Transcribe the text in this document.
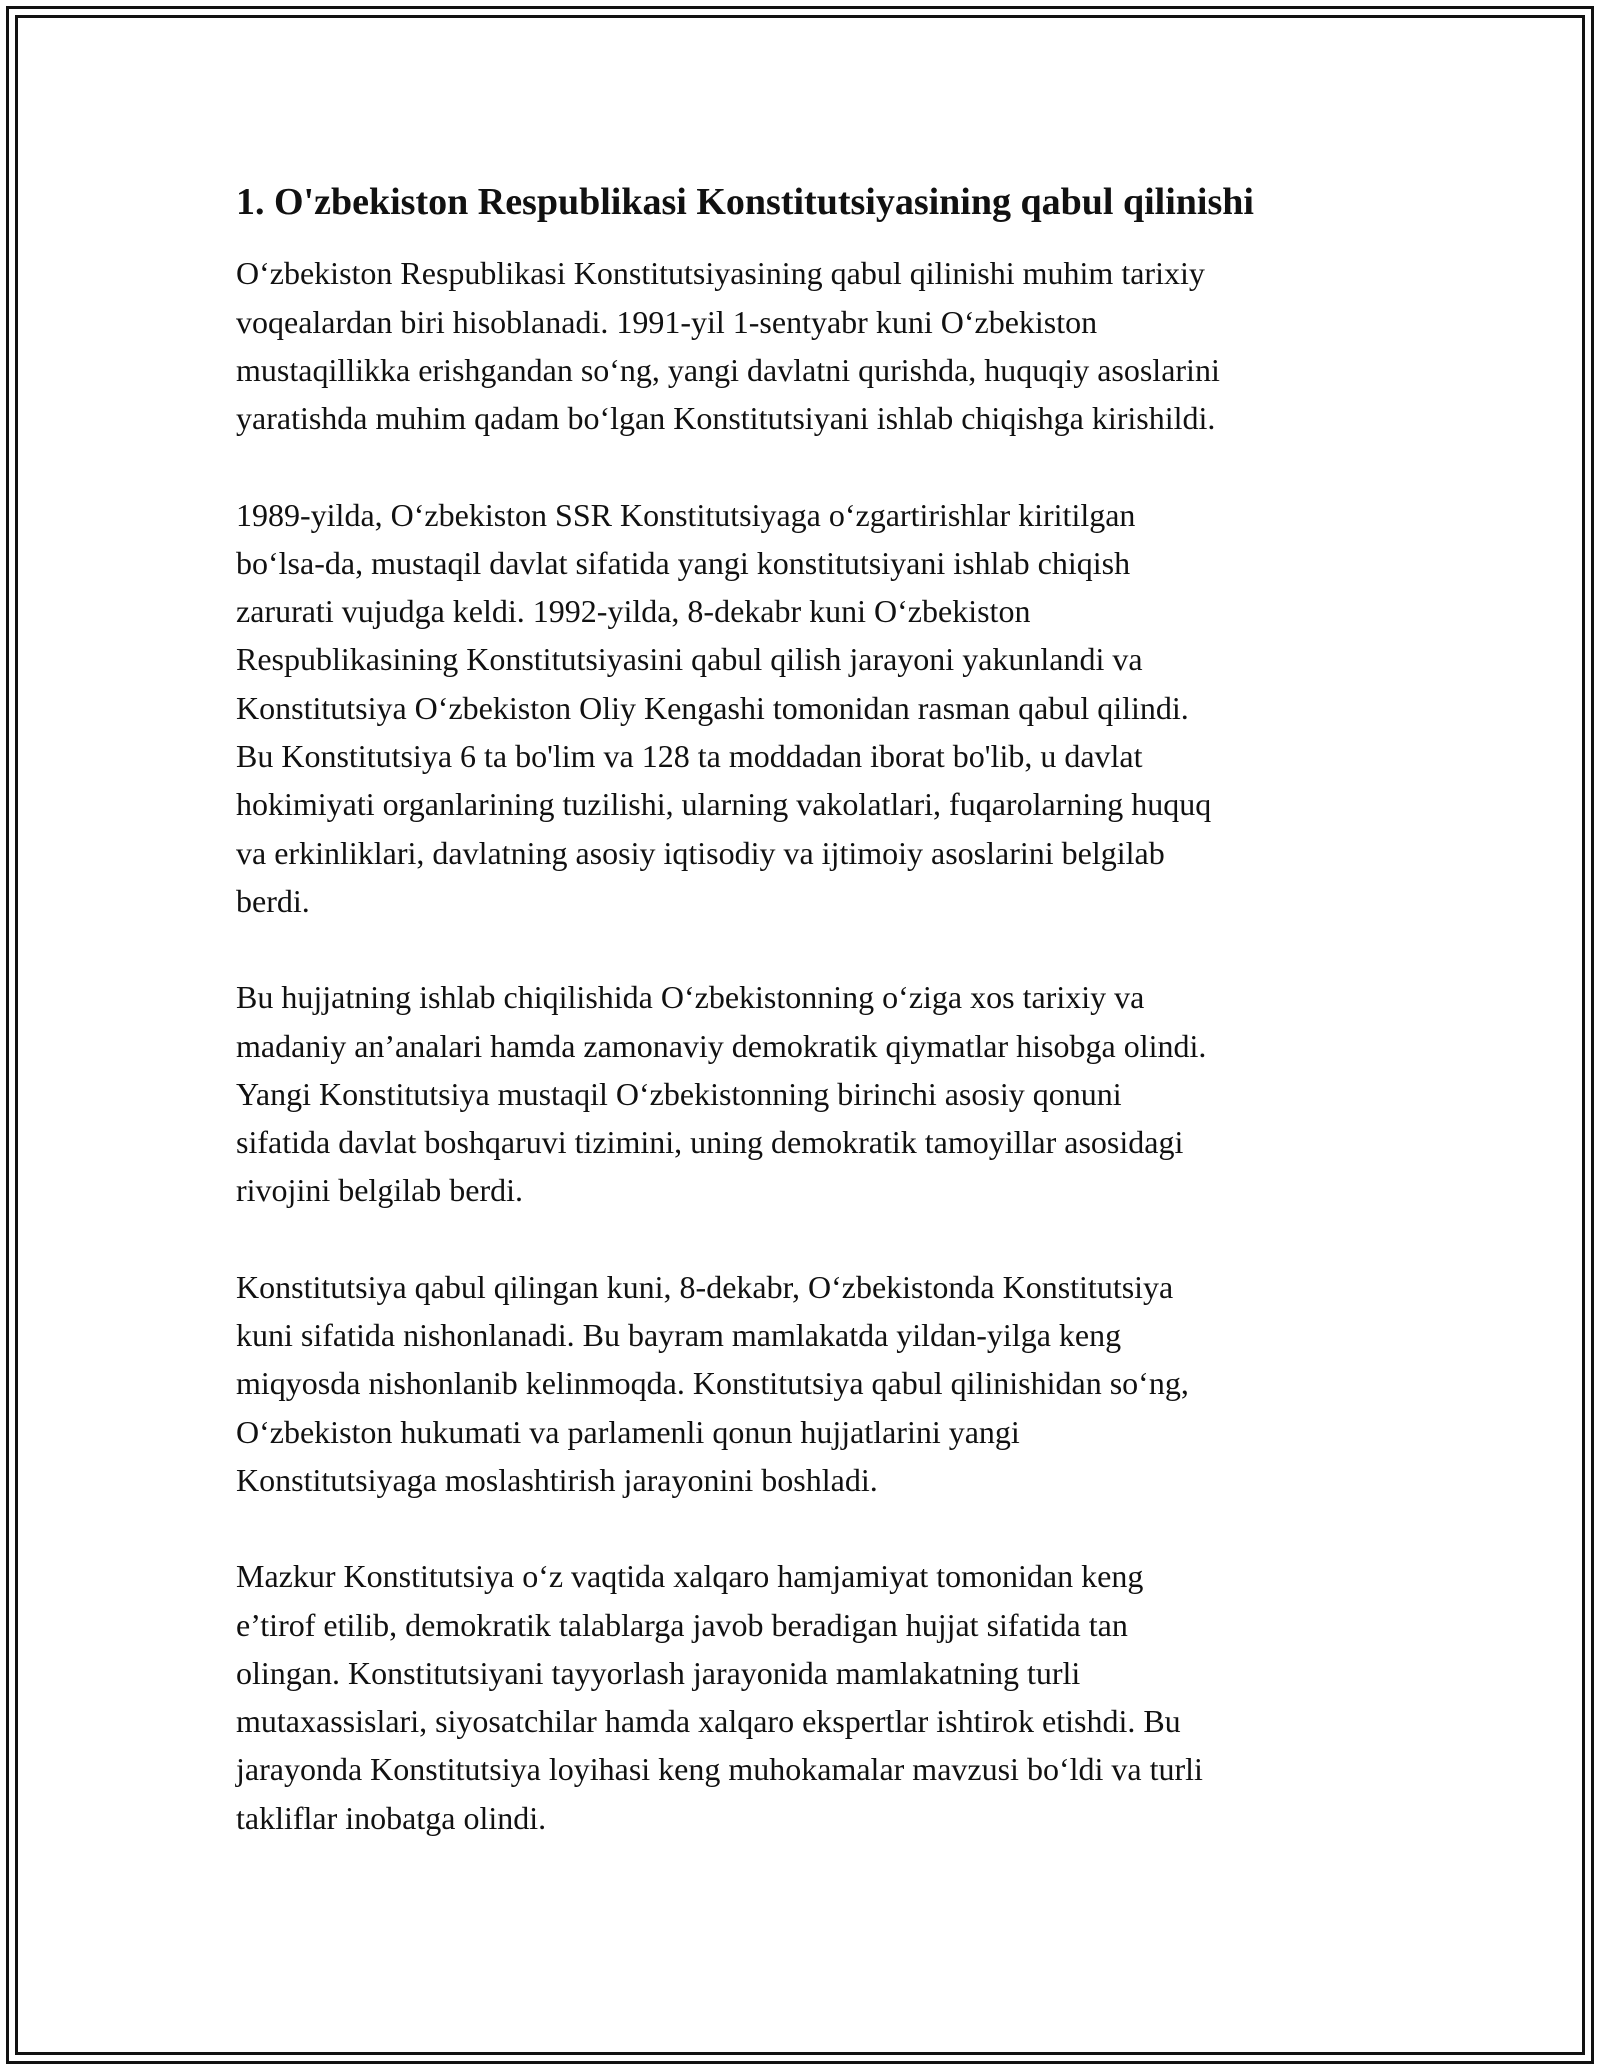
1. O'zbekiston Respublikasi Konstitutsiyasining qabul qilinishi
O‘zbekiston Respublikasi Konstitutsiyasining qabul qilinishi muhim tarixiy
voqealardan biri hisoblanadi. 1991-yil 1-sentyabr kuni O‘zbekiston
mustaqillikka erishgandan so‘ng, yangi davlatni qurishda, huquqiy asoslarini
yaratishda muhim qadam bo‘lgan Konstitutsiyani ishlab chiqishga kirishildi.
1989-yilda, O‘zbekiston SSR Konstitutsiyaga o‘zgartirishlar kiritilgan
bo‘lsa-da, mustaqil davlat sifatida yangi konstitutsiyani ishlab chiqish
zarurati vujudga keldi. 1992-yilda, 8-dekabr kuni O‘zbekiston
Respublikasining Konstitutsiyasini qabul qilish jarayoni yakunlandi va
Konstitutsiya O‘zbekiston Oliy Kengashi tomonidan rasman qabul qilindi.
Bu Konstitutsiya 6 ta bo'lim va 128 ta moddadan iborat bo'lib, u davlat
hokimiyati organlarining tuzilishi, ularning vakolatlari, fuqarolarning huquq
va erkinliklari, davlatning asosiy iqtisodiy va ijtimoiy asoslarini belgilab
berdi.
Bu hujjatning ishlab chiqilishida O‘zbekistonning o‘ziga xos tarixiy va
madaniy an’analari hamda zamonaviy demokratik qiymatlar hisobga olindi.
Yangi Konstitutsiya mustaqil O‘zbekistonning birinchi asosiy qonuni
sifatida davlat boshqaruvi tizimini, uning demokratik tamoyillar asosidagi
rivojini belgilab berdi.
Konstitutsiya qabul qilingan kuni, 8-dekabr, O‘zbekistonda Konstitutsiya
kuni sifatida nishonlanadi. Bu bayram mamlakatda yildan-yilga keng
miqyosda nishonlanib kelinmoqda. Konstitutsiya qabul qilinishidan so‘ng,
O‘zbekiston hukumati va parlamenli qonun hujjatlarini yangi
Konstitutsiyaga moslashtirish jarayonini boshladi.
Mazkur Konstitutsiya o‘z vaqtida xalqaro hamjamiyat tomonidan keng
e’tirof etilib, demokratik talablarga javob beradigan hujjat sifatida tan
olingan. Konstitutsiyani tayyorlash jarayonida mamlakatning turli
mutaxassislari, siyosatchilar hamda xalqaro ekspertlar ishtirok etishdi. Bu
jarayonda Konstitutsiya loyihasi keng muhokamalar mavzusi bo‘ldi va turli
takliflar inobatga olindi.
